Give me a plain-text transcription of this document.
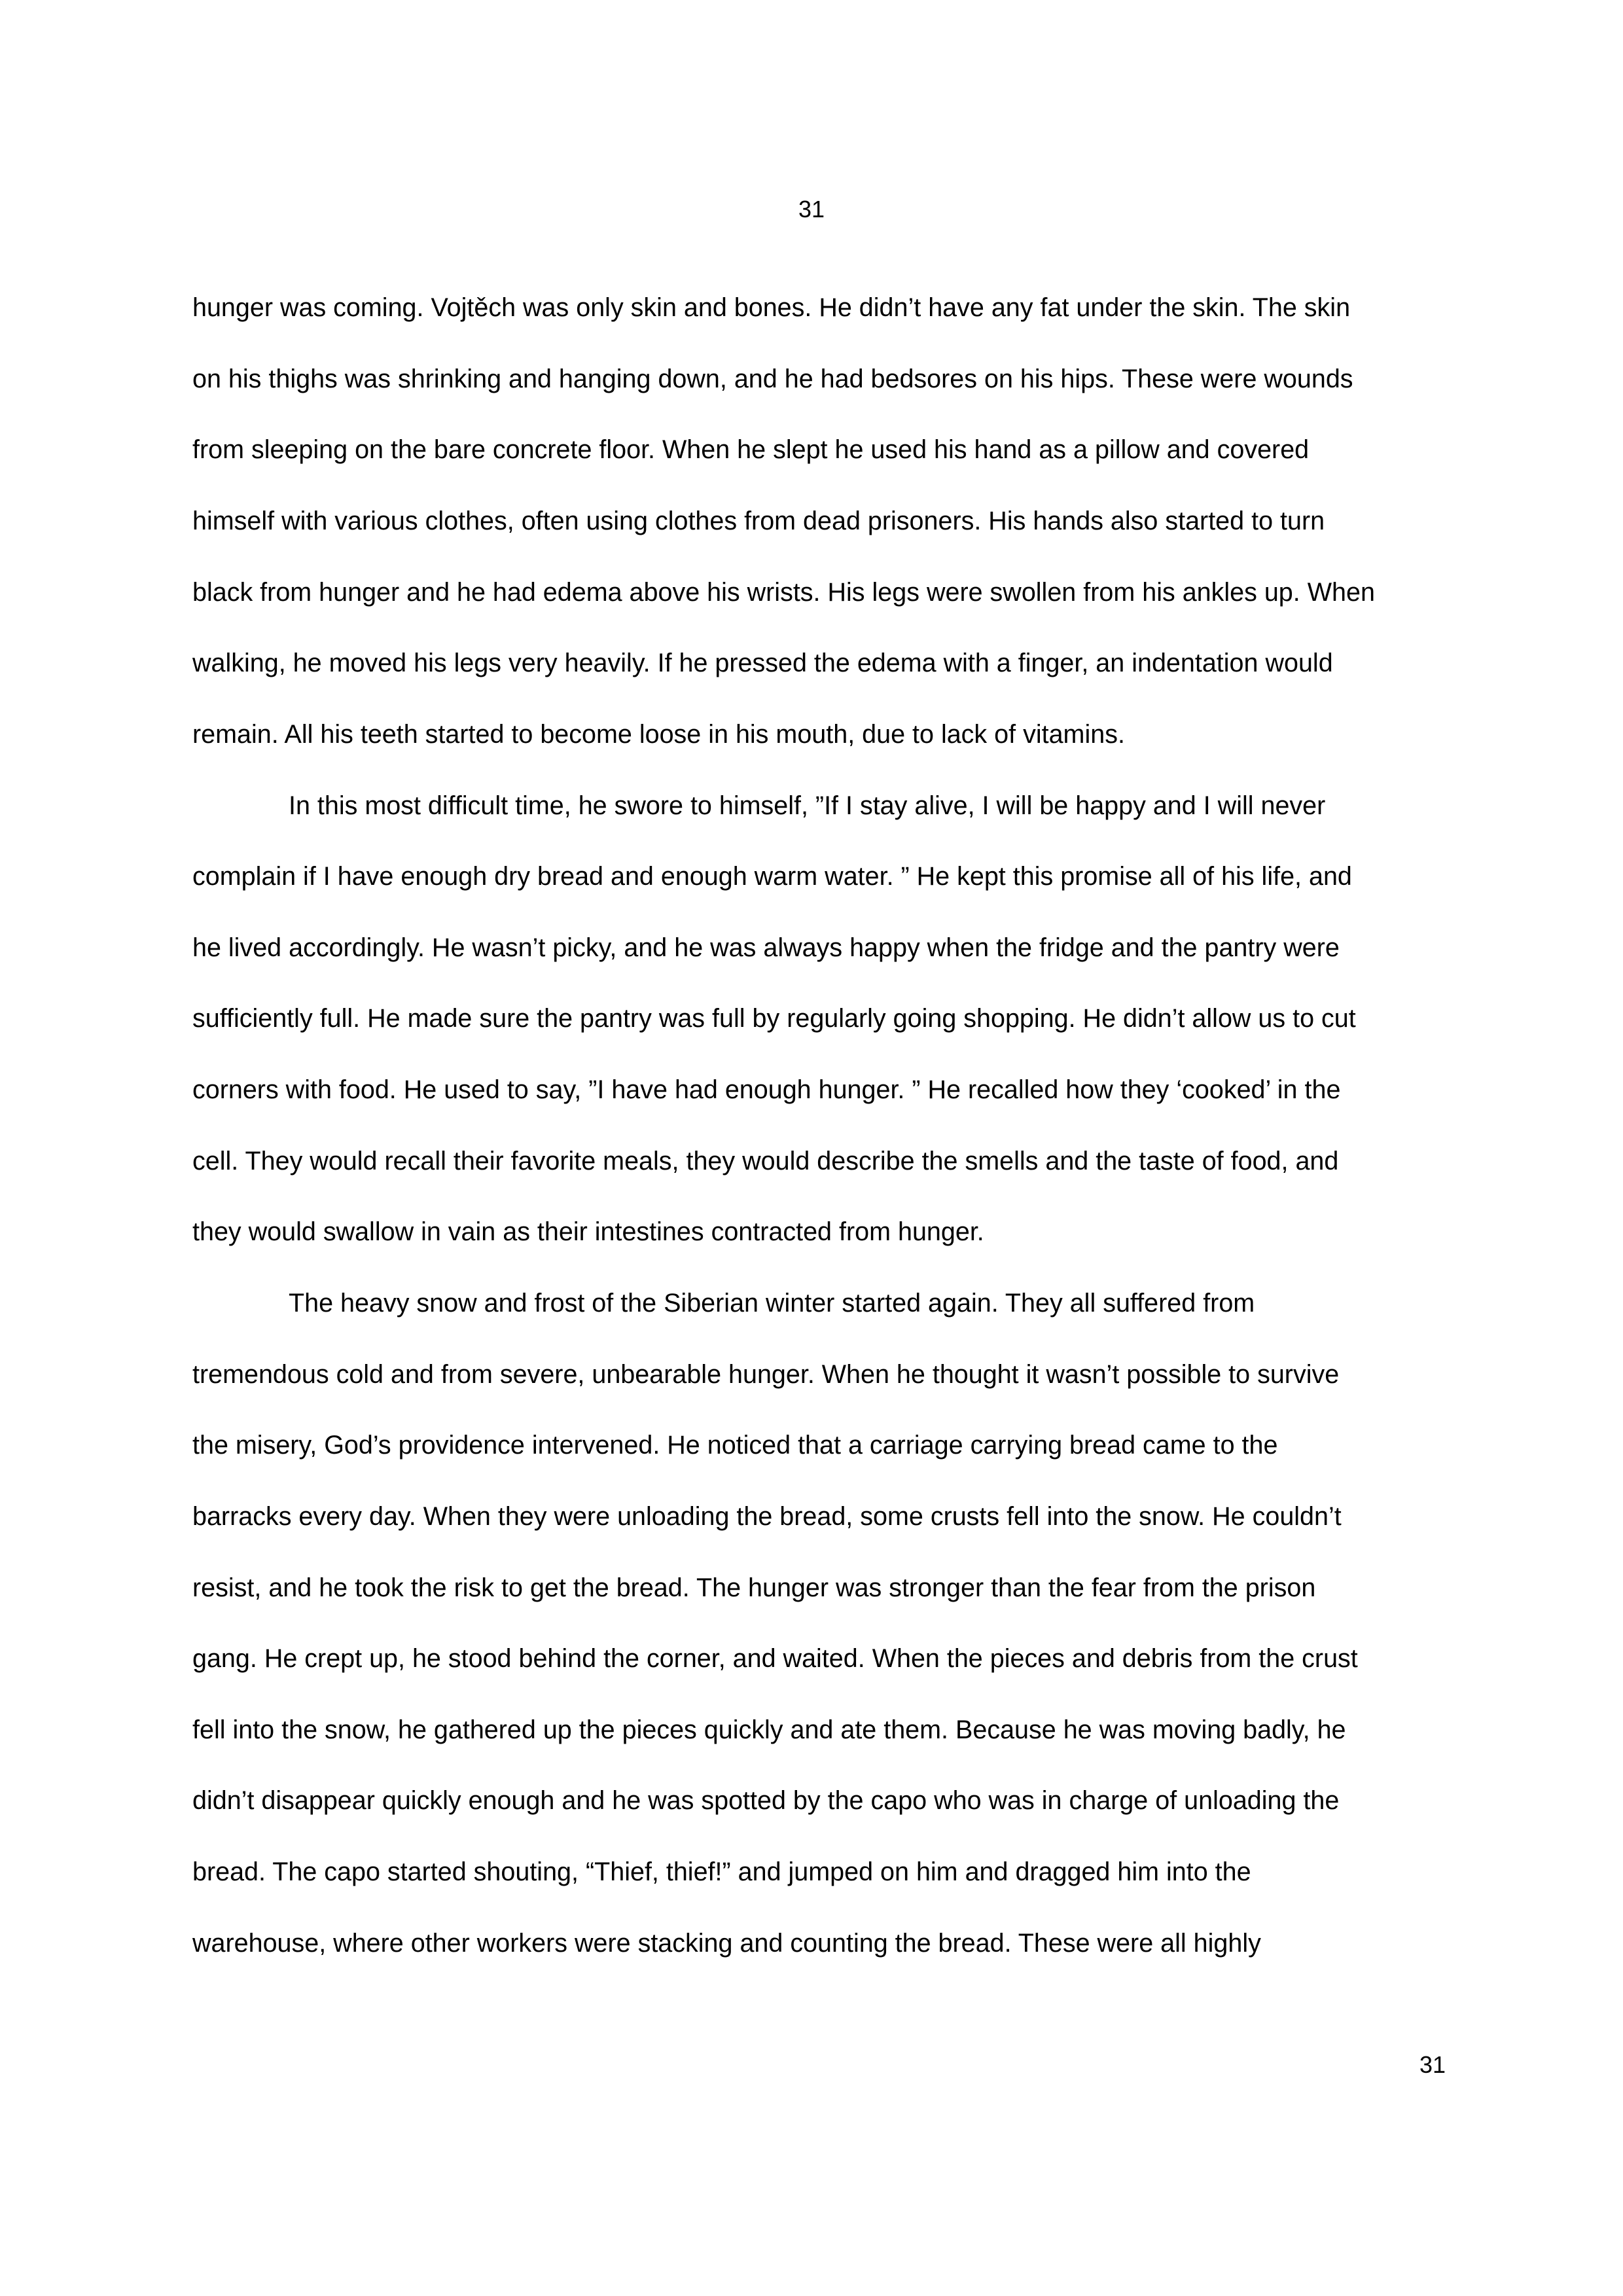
31
hunger was coming. Vojtěch was only skin and bones. He didn’t have any fat under the skin. The skin
on his thighs was shrinking and hanging down, and he had bedsores on his hips. These were wounds
from sleeping on the bare concrete floor. When he slept he used his hand as a pillow and covered
himself with various clothes, often using clothes from dead prisoners. His hands also started to turn
black from hunger and he had edema above his wrists. His legs were swollen from his ankles up. When
walking, he moved his legs very heavily. If he pressed the edema with a finger, an indentation would
remain. All his teeth started to become loose in his mouth, due to lack of vitamins.
In this most difficult time, he swore to himself, ”If I stay alive, I will be happy and I will never
complain if I have enough dry bread and enough warm water. ” He kept this promise all of his life, and
he lived accordingly. He wasn’t picky, and he was always happy when the fridge and the pantry were
sufficiently full. He made sure the pantry was full by regularly going shopping. He didn’t allow us to cut
corners with food. He used to say, ”I have had enough hunger. ” He recalled how they ‘cooked’ in the
cell. They would recall their favorite meals, they would describe the smells and the taste of food, and
they would swallow in vain as their intestines contracted from hunger.
The heavy snow and frost of the Siberian winter started again. They all suffered from
tremendous cold and from severe, unbearable hunger. When he thought it wasn’t possible to survive
the misery, God’s providence intervened. He noticed that a carriage carrying bread came to the
barracks every day. When they were unloading the bread, some crusts fell into the snow. He couldn’t
resist, and he took the risk to get the bread. The hunger was stronger than the fear from the prison
gang. He crept up, he stood behind the corner, and waited. When the pieces and debris from the crust
fell into the snow, he gathered up the pieces quickly and ate them. Because he was moving badly, he
didn’t disappear quickly enough and he was spotted by the capo who was in charge of unloading the
bread. The capo started shouting, “Thief, thief!” and jumped on him and dragged him into the
warehouse, where other workers were stacking and counting the bread. These were all highly
31
